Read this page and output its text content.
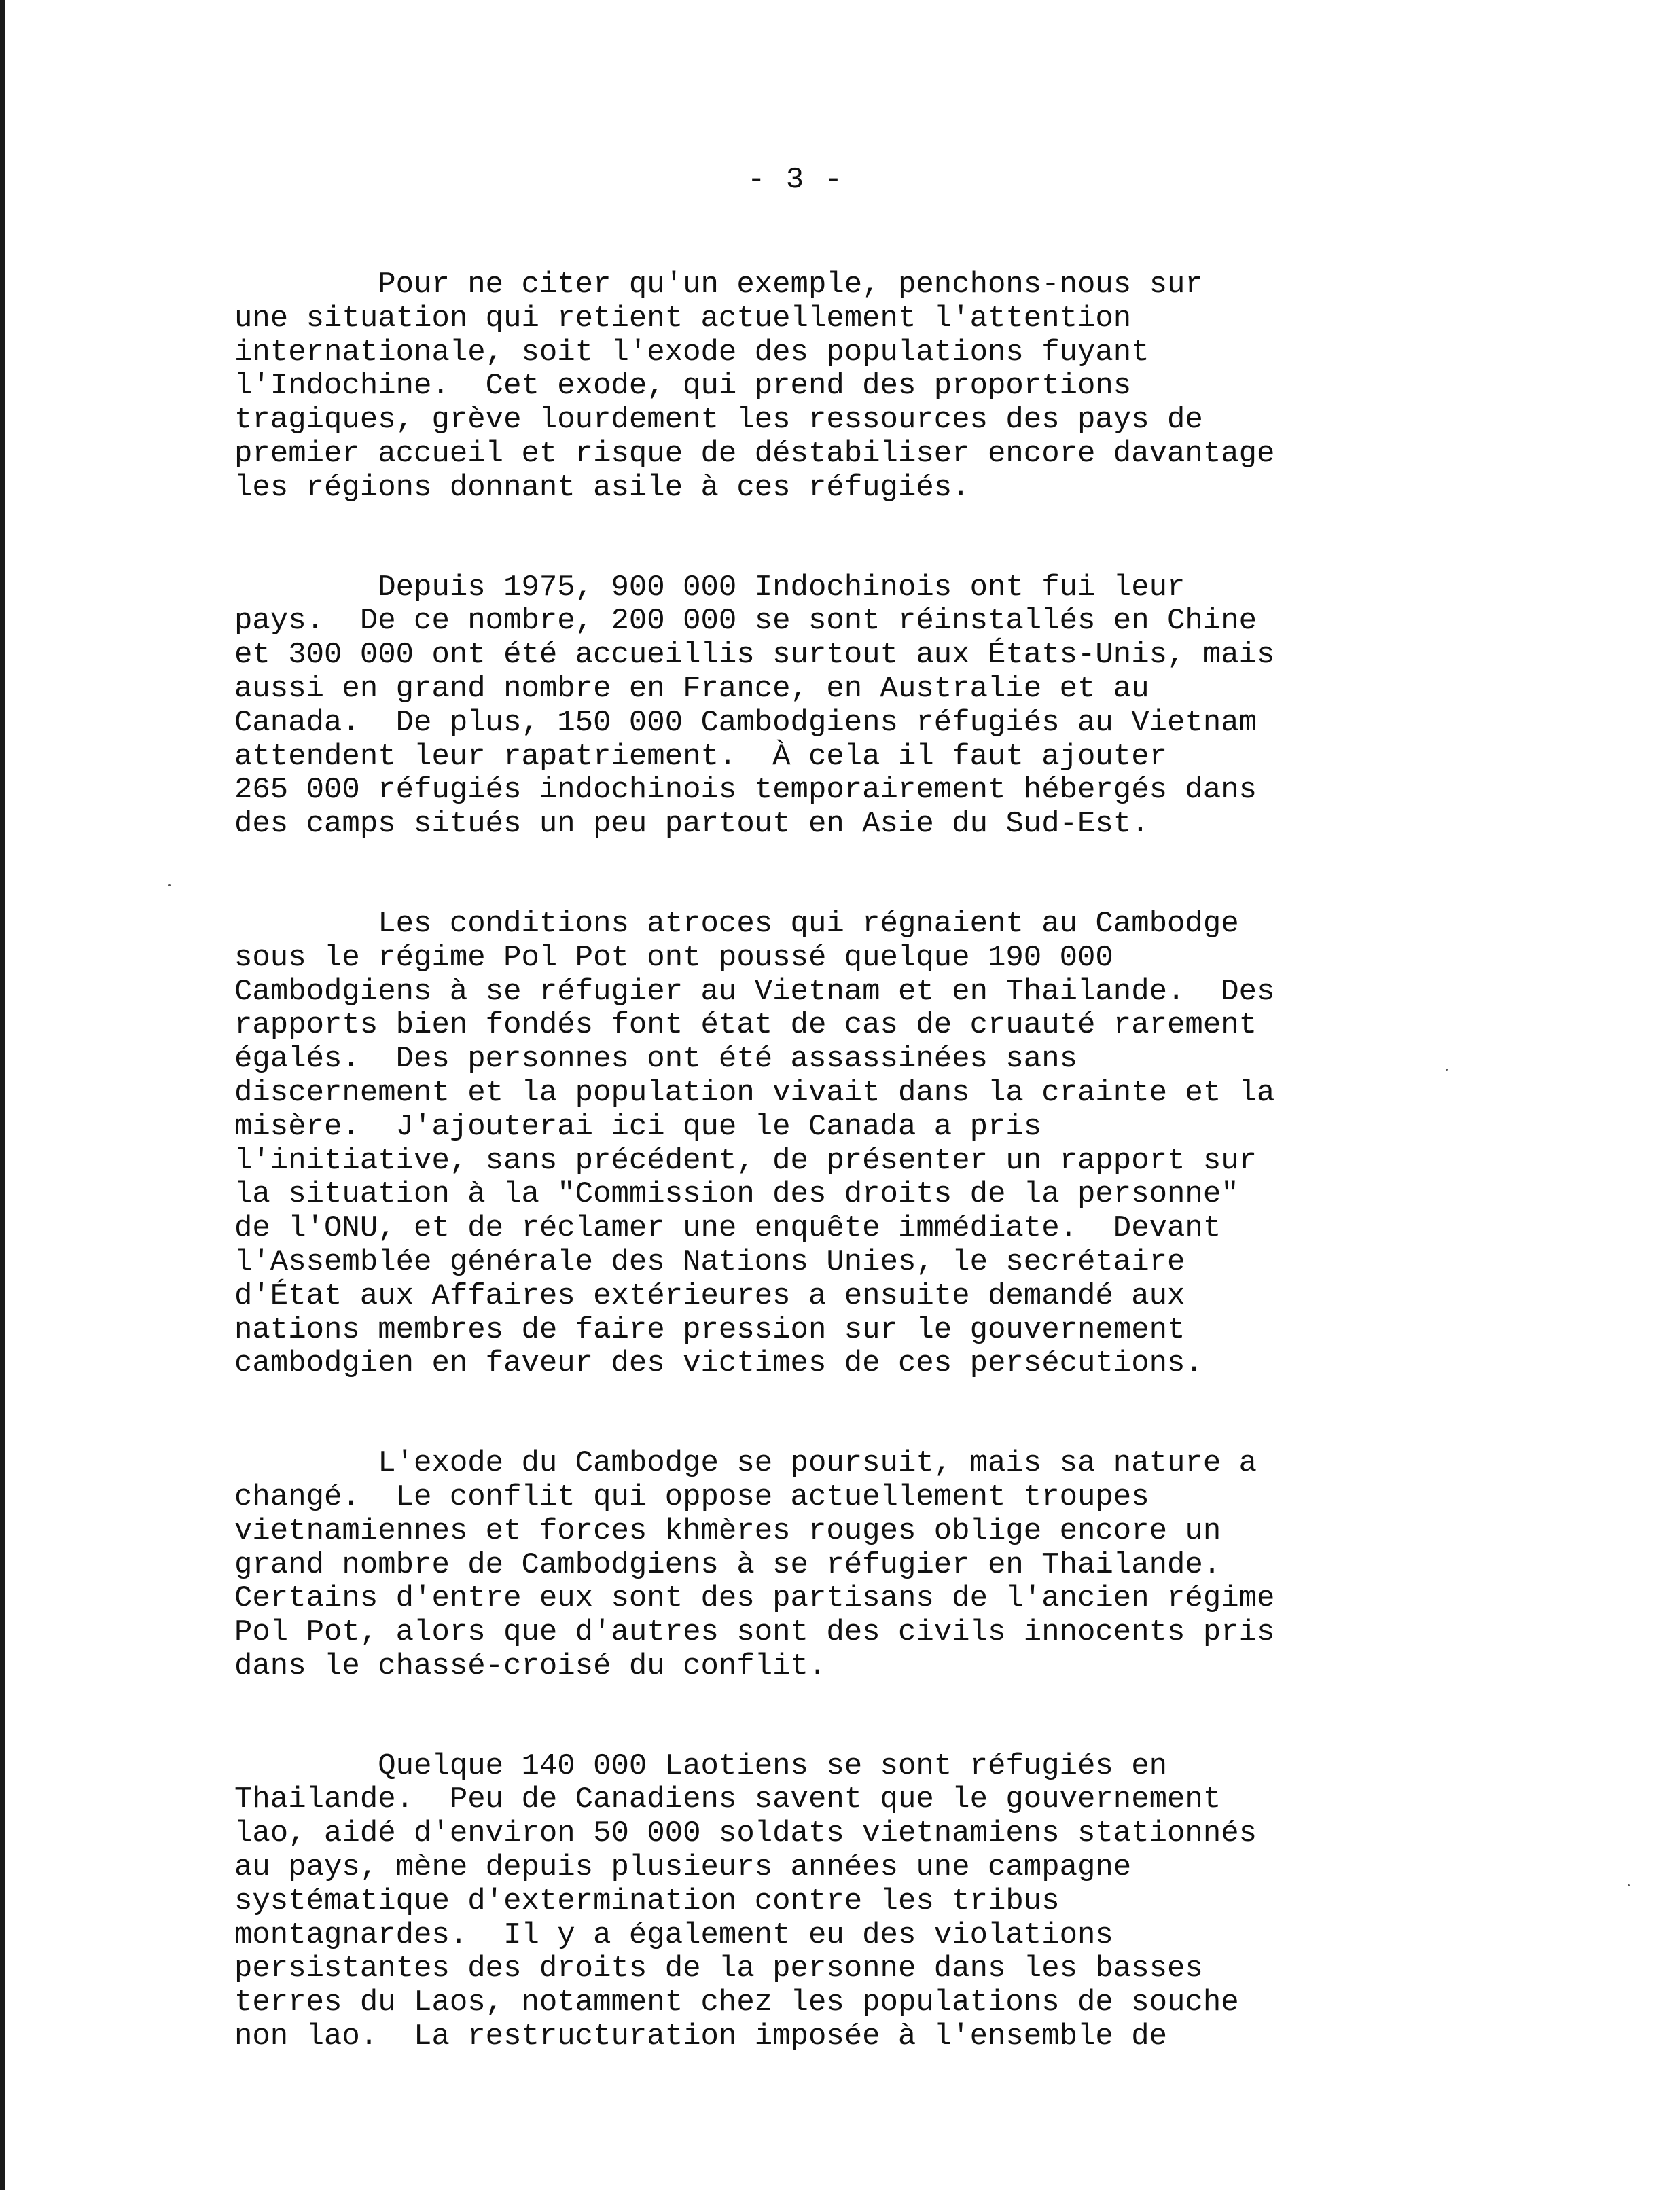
- 3 -
Pour ne citer qu'un exemple, penchons-nous sur
une situation qui retient actuellement l'attention
internationale, soit l'exode des populations fuyant
l'Indochine.  Cet exode, qui prend des proportions
tragiques, grève lourdement les ressources des pays de
premier accueil et risque de déstabiliser encore davantage
les régions donnant asile à ces réfugiés.
Depuis 1975, 900 000 Indochinois ont fui leur
pays.  De ce nombre, 200 000 se sont réinstallés en Chine
et 300 000 ont été accueillis surtout aux États-Unis, mais
aussi en grand nombre en France, en Australie et au
Canada.  De plus, 150 000 Cambodgiens réfugiés au Vietnam
attendent leur rapatriement.  À cela il faut ajouter
265 000 réfugiés indochinois temporairement hébergés dans
des camps situés un peu partout en Asie du Sud-Est.
Les conditions atroces qui régnaient au Cambodge
sous le régime Pol Pot ont poussé quelque 190 000
Cambodgiens à se réfugier au Vietnam et en Thailande.  Des
rapports bien fondés font état de cas de cruauté rarement
égalés.  Des personnes ont été assassinées sans
discernement et la population vivait dans la crainte et la
misère.  J'ajouterai ici que le Canada a pris
l'initiative, sans précédent, de présenter un rapport sur
la situation à la "Commission des droits de la personne"
de l'ONU, et de réclamer une enquête immédiate.  Devant
l'Assemblée générale des Nations Unies, le secrétaire
d'État aux Affaires extérieures a ensuite demandé aux
nations membres de faire pression sur le gouvernement
cambodgien en faveur des victimes de ces persécutions.
L'exode du Cambodge se poursuit, mais sa nature a
changé.  Le conflit qui oppose actuellement troupes
vietnamiennes et forces khmères rouges oblige encore un
grand nombre de Cambodgiens à se réfugier en Thailande.
Certains d'entre eux sont des partisans de l'ancien régime
Pol Pot, alors que d'autres sont des civils innocents pris
dans le chassé-croisé du conflit.
Quelque 140 000 Laotiens se sont réfugiés en
Thailande.  Peu de Canadiens savent que le gouvernement
lao, aidé d'environ 50 000 soldats vietnamiens stationnés
au pays, mène depuis plusieurs années une campagne
systématique d'extermination contre les tribus
montagnardes.  Il y a également eu des violations
persistantes des droits de la personne dans les basses
terres du Laos, notamment chez les populations de souche
non lao.  La restructuration imposée à l'ensemble de
